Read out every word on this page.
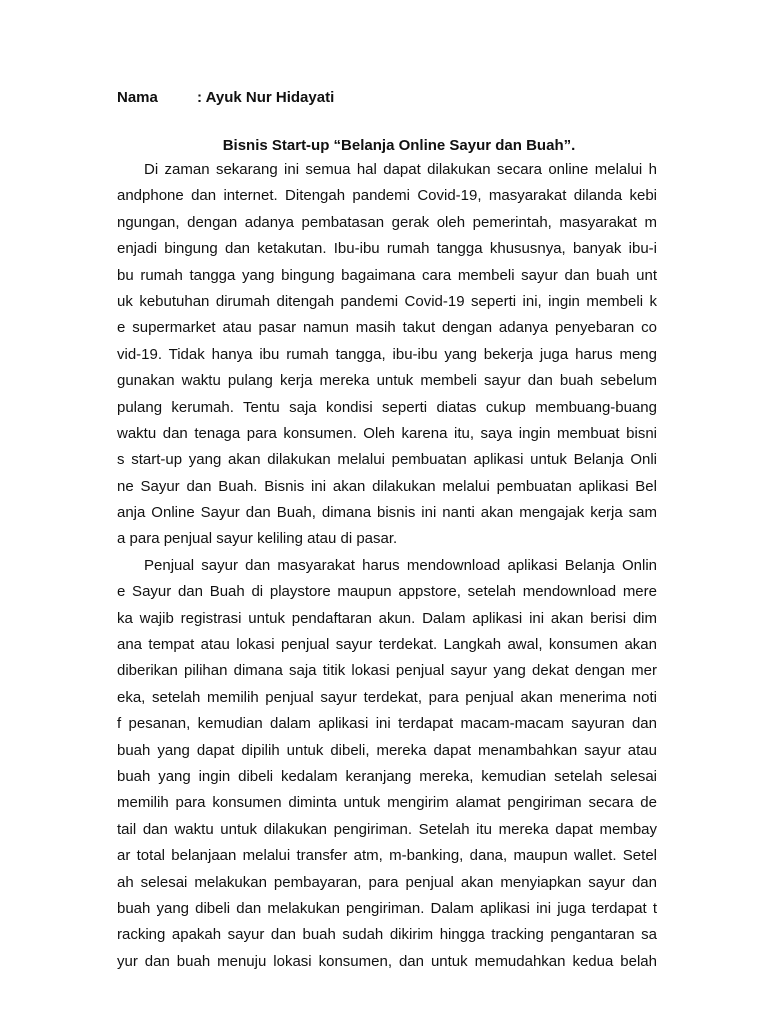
Nama	: Ayuk Nur Hidayati
Bisnis Start-up “Belanja Online Sayur dan Buah”.
Di zaman sekarang ini semua hal dapat dilakukan secara online melalui h
andphone dan internet. Ditengah pandemi Covid-19, masyarakat dilanda kebi
ngungan, dengan adanya pembatasan gerak oleh pemerintah, masyarakat m
enjadi bingung dan ketakutan. Ibu-ibu rumah tangga khususnya, banyak ibu-i
bu rumah tangga yang bingung bagaimana cara membeli sayur dan buah unt
uk kebutuhan dirumah ditengah pandemi Covid-19 seperti ini, ingin membeli k
e supermarket atau pasar namun masih takut dengan adanya penyebaran co
vid-19. Tidak hanya ibu rumah tangga, ibu-ibu yang bekerja juga harus meng
gunakan waktu pulang kerja mereka untuk membeli sayur dan buah sebelum
pulang kerumah. Tentu saja kondisi seperti diatas cukup membuang-buang
waktu dan tenaga para konsumen. Oleh karena itu, saya ingin membuat bisni
s start-up yang akan dilakukan melalui pembuatan aplikasi untuk Belanja Onli
ne Sayur dan Buah. Bisnis ini akan dilakukan melalui pembuatan aplikasi Bel
anja Online Sayur dan Buah, dimana bisnis ini nanti akan mengajak kerja sam
a para penjual sayur keliling atau di pasar.
Penjual sayur dan masyarakat harus mendownload aplikasi Belanja Onlin
e Sayur dan Buah di playstore maupun appstore, setelah mendownload mere
ka wajib registrasi untuk pendaftaran akun. Dalam aplikasi ini akan berisi dim
ana tempat atau lokasi penjual sayur terdekat. Langkah awal, konsumen akan
diberikan pilihan dimana saja titik lokasi penjual sayur yang dekat dengan mer
eka, setelah memilih penjual sayur terdekat, para penjual akan menerima noti
f pesanan, kemudian dalam aplikasi ini terdapat macam-macam sayuran dan
buah yang dapat dipilih untuk dibeli, mereka dapat menambahkan sayur atau
buah yang ingin dibeli kedalam keranjang mereka, kemudian setelah selesai
memilih para konsumen diminta untuk mengirim alamat pengiriman secara de
tail dan waktu untuk dilakukan pengiriman. Setelah itu mereka dapat membay
ar total belanjaan melalui transfer atm, m-banking, dana, maupun wallet. Setel
ah selesai melakukan pembayaran, para penjual akan menyiapkan sayur dan
buah yang dibeli dan melakukan pengiriman. Dalam aplikasi ini juga terdapat t
racking apakah sayur dan buah sudah dikirim hingga tracking pengantaran sa
yur dan buah menuju lokasi konsumen, dan untuk memudahkan kedua belah
